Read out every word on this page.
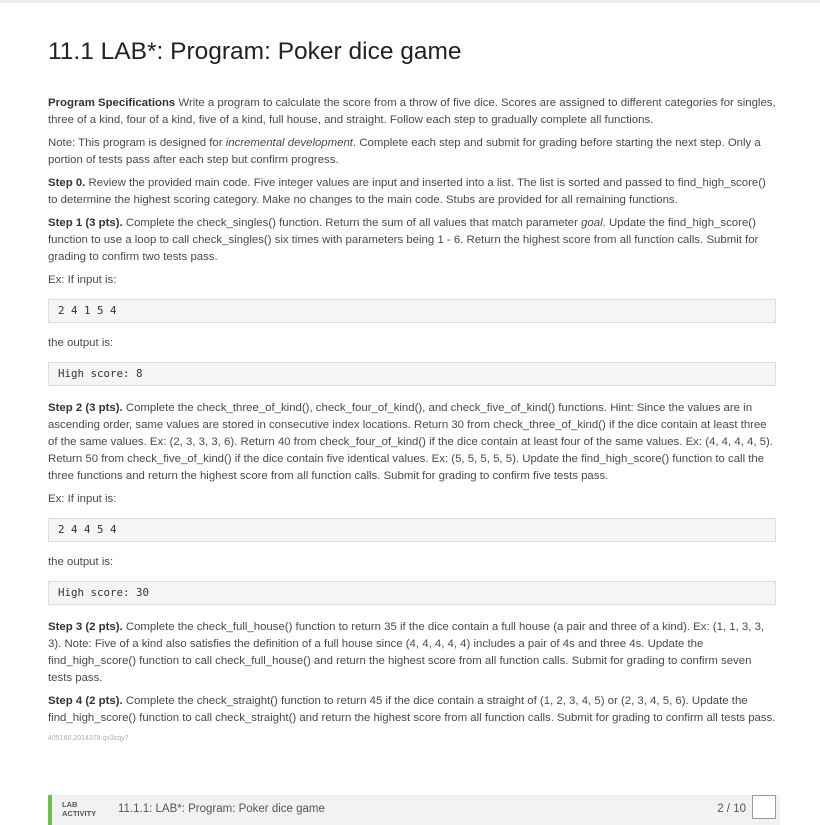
11.1 LAB*: Program: Poker dice game

Program Specifications Write a program to calculate the score from a throw of five dice. Scores are assigned to different categories for singles, three of a kind, four of a kind, five of a kind, full house, and straight. Follow each step to gradually complete all functions.

Note: This program is designed for incremental development. Complete each step and submit for grading before starting the next step. Only a portion of tests pass after each step but confirm progress.

Step 0. Review the provided main code. Five integer values are input and inserted into a list. The list is sorted and passed to find_high_score() to determine the highest scoring category. Make no changes to the main code. Stubs are provided for all remaining functions.

Step 1 (3 pts). Complete the check_singles() function. Return the sum of all values that match parameter goal. Update the find_high_score() function to use a loop to call check_singles() six times with parameters being 1 - 6. Return the highest score from all function calls. Submit for grading to confirm two tests pass.

Ex: If input is:

2 4 1 5 4

the output is:

High score: 8

Step 2 (3 pts). Complete the check_three_of_kind(), check_four_of_kind(), and check_five_of_kind() functions. Hint: Since the values are in ascending order, same values are stored in consecutive index locations. Return 30 from check_three_of_kind() if the dice contain at least three of the same values. Ex: (2, 3, 3, 3, 6). Return 40 from check_four_of_kind() if the dice contain at least four of the same values. Ex: (4, 4, 4, 4, 5). Return 50 from check_five_of_kind() if the dice contain five identical values. Ex: (5, 5, 5, 5, 5). Update the find_high_score() function to call the three functions and return the highest score from all function calls. Submit for grading to confirm five tests pass.

Ex: If input is:

2 4 4 5 4

the output is:

High score: 30

Step 3 (2 pts). Complete the check_full_house() function to return 35 if the dice contain a full house (a pair and three of a kind). Ex: (1, 1, 3, 3, 3). Note: Five of a kind also satisfies the definition of a full house since (4, 4, 4, 4, 4) includes a pair of 4s and three 4s. Update the find_high_score() function to call check_full_house() and return the highest score from all function calls. Submit for grading to confirm seven tests pass.

Step 4 (2 pts). Complete the check_straight() function to return 45 if the dice contain a straight of (1, 2, 3, 4, 5) or (2, 3, 4, 5, 6). Update the find_high_score() function to call check_straight() and return the highest score from all function calls. Submit for grading to confirm all tests pass.

405160.2014378.qx3zqy7
LAB
ACTIVITY 11.1.1: LAB*: Program: Poker dice game	2 / 10
